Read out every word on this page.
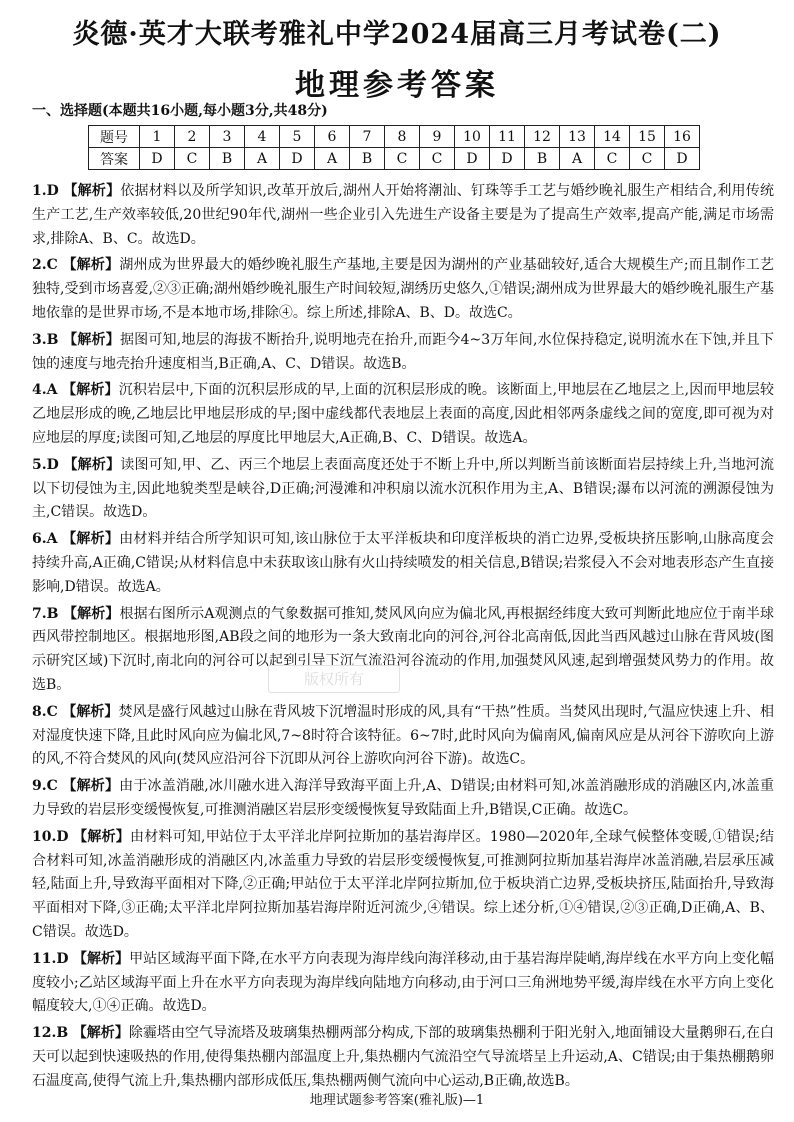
炎德·英才大联考雅礼中学2024届高三月考试卷(二)
地理参考答案
一、选择题(本题共16小题,每小题3分,共48分)
题号	1	2	3	4	5	6	7	8	9	10	11	12	13	14	15	16
答案	D	C	B	A	D	A	B	C	C	D	D	B	A	C	C	D

1.D 【解析】依据材料以及所学知识,改革开放后,湖州人开始将潮汕、钉珠等手工艺与婚纱晚礼服生产相结合,利用传统生产工艺,生产效率较低,20世纪90年代,湖州一些企业引入先进生产设备主要是为了提高生产效率,提高产能,满足市场需求,排除A、B、C。故选D。

2.C 【解析】湖州成为世界最大的婚纱晚礼服生产基地,主要是因为湖州的产业基础较好,适合大规模生产;而且制作工艺独特,受到市场喜爱,②③正确;湖州婚纱晚礼服生产时间较短,湖绣历史悠久,①错误;湖州成为世界最大的婚纱晚礼服生产基地依靠的是世界市场,不是本地市场,排除④。综上所述,排除A、B、D。故选C。

3.B 【解析】据图可知,地层的海拔不断抬升,说明地壳在抬升,而距今4~3万年间,水位保持稳定,说明流水在下蚀,并且下蚀的速度与地壳抬升速度相当,B正确,A、C、D错误。故选B。

4.A 【解析】沉积岩层中,下面的沉积层形成的早,上面的沉积层形成的晚。该断面上,甲地层在乙地层之上,因而甲地层较乙地层形成的晚,乙地层比甲地层形成的早;图中虚线都代表地层上表面的高度,因此相邻两条虚线之间的宽度,即可视为对应地层的厚度;读图可知,乙地层的厚度比甲地层大,A正确,B、C、D错误。故选A。

5.D 【解析】读图可知,甲、乙、丙三个地层上表面高度还处于不断上升中,所以判断当前该断面岩层持续上升,当地河流以下切侵蚀为主,因此地貌类型是峡谷,D正确;河漫滩和冲积扇以流水沉积作用为主,A、B错误;瀑布以河流的溯源侵蚀为主,C错误。故选D。

6.A 【解析】由材料并结合所学知识可知,该山脉位于太平洋板块和印度洋板块的消亡边界,受板块挤压影响,山脉高度会持续升高,A正确,C错误;从材料信息中未获取该山脉有火山持续喷发的相关信息,B错误;岩浆侵入不会对地表形态产生直接影响,D错误。故选A。

7.B 【解析】根据右图所示A观测点的气象数据可推知,焚风风向应为偏北风,再根据经纬度大致可判断此地应位于南半球西风带控制地区。根据地形图,AB段之间的地形为一条大致南北向的河谷,河谷北高南低,因此当西风越过山脉在背风坡(图示研究区域)下沉时,南北向的河谷可以起到引导下沉气流沿河谷流动的作用,加强焚风风速,起到增强焚风势力的作用。故选B。

8.C 【解析】焚风是盛行风越过山脉在背风坡下沉增温时形成的风,具有“干热”性质。当焚风出现时,气温应快速上升、相对湿度快速下降,且此时风向应为偏北风,7~8时符合该特征。6~7时,此时风向为偏南风,偏南风应是从河谷下游吹向上游的风,不符合焚风的风向(焚风应沿河谷下沉即从河谷上游吹向河谷下游)。故选C。

9.C 【解析】由于冰盖消融,冰川融水进入海洋导致海平面上升,A、D错误;由材料可知,冰盖消融形成的消融区内,冰盖重力导致的岩层形变缓慢恢复,可推测消融区岩层形变缓慢恢复导致陆面上升,B错误,C正确。故选C。

10.D 【解析】由材料可知,甲站位于太平洋北岸阿拉斯加的基岩海岸区。1980—2020年,全球气候整体变暖,①错误;结合材料可知,冰盖消融形成的消融区内,冰盖重力导致的岩层形变缓慢恢复,可推测阿拉斯加基岩海岸冰盖消融,岩层承压减轻,陆面上升,导致海平面相对下降,②正确;甲站位于太平洋北岸阿拉斯加,位于板块消亡边界,受板块挤压,陆面抬升,导致海平面相对下降,③正确;太平洋北岸阿拉斯加基岩海岸附近河流少,④错误。综上述分析,①④错误,②③正确,D正确,A、B、C错误。故选D。

11.D 【解析】甲站区域海平面下降,在水平方向表现为海岸线向海洋移动,由于基岩海岸陡峭,海岸线在水平方向上变化幅度较小;乙站区域海平面上升在水平方向表现为海岸线向陆地方向移动,由于河口三角洲地势平缓,海岸线在水平方向上变化幅度较大,①④正确。故选D。

12.B 【解析】除霾塔由空气导流塔及玻璃集热棚两部分构成,下部的玻璃集热棚利于阳光射入,地面铺设大量鹅卵石,在白天可以起到快速吸热的作用,使得集热棚内部温度上升,集热棚内气流沿空气导流塔呈上升运动,A、C错误;由于集热棚鹅卵石温度高,使得气流上升,集热棚内部形成低压,集热棚两侧气流向中心运动,B正确,故选B。

版权所有
地理试题参考答案(雅礼版)—1
